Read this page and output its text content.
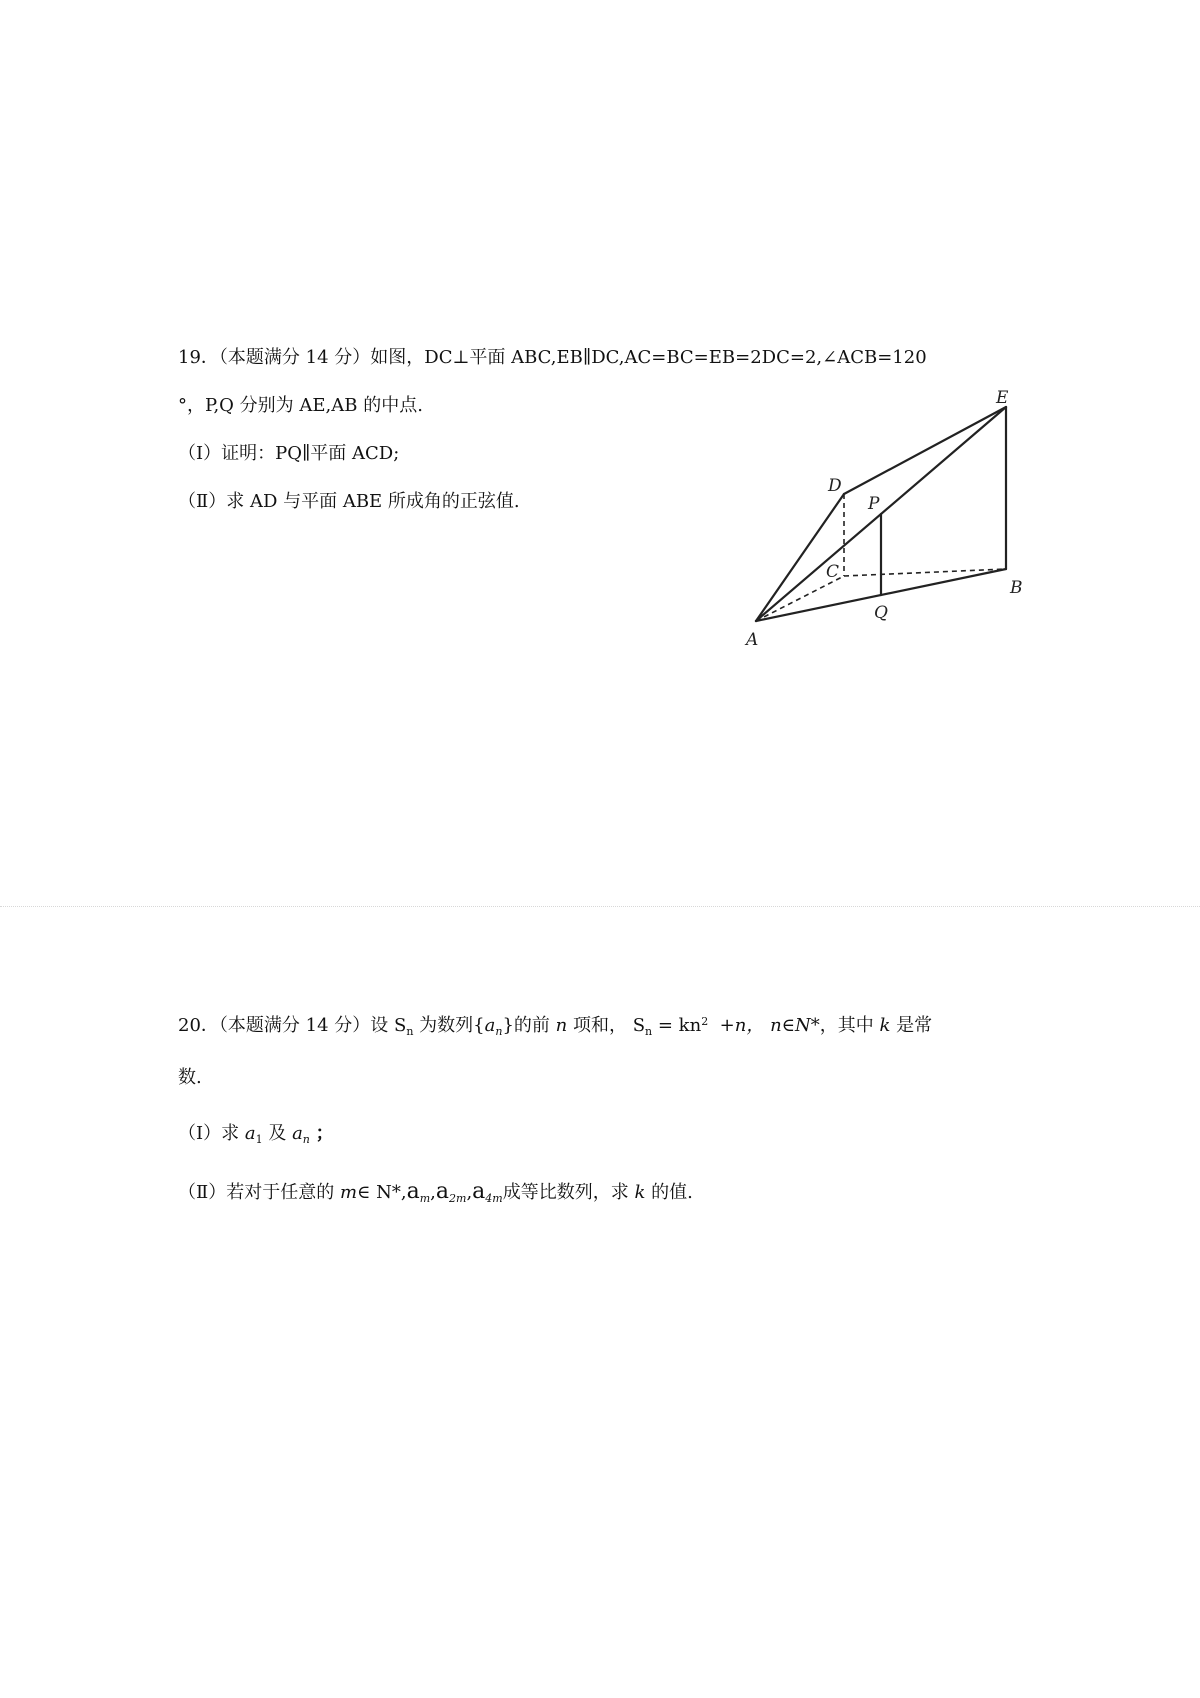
19．（本题满分 14 分）如图，DC⊥平面 ABC,EB∥DC,AC=BC=EB=2DC=2,∠ACB=120
°，P,Q 分别为 AE,AB 的中点.
（Ⅰ）证明：PQ∥平面 ACD;
（Ⅱ）求 AD 与平面 ABE 所成角的正弦值.
E
D
P
C
B
Q
A
20．（本题满分 14 分）设 $S_n$ 为数列$\{a_n\}$的前 n 项和， $S_n = kn^2 +n$， n∈N*，其中 k 是常
数.
（I）求 $a_1$ 及 $a_n$ ；
（Ⅱ）若对于任意的 m∈ $N*,a_m,a_{2m},a_{4m}$成等比数列，求 k 的值.
